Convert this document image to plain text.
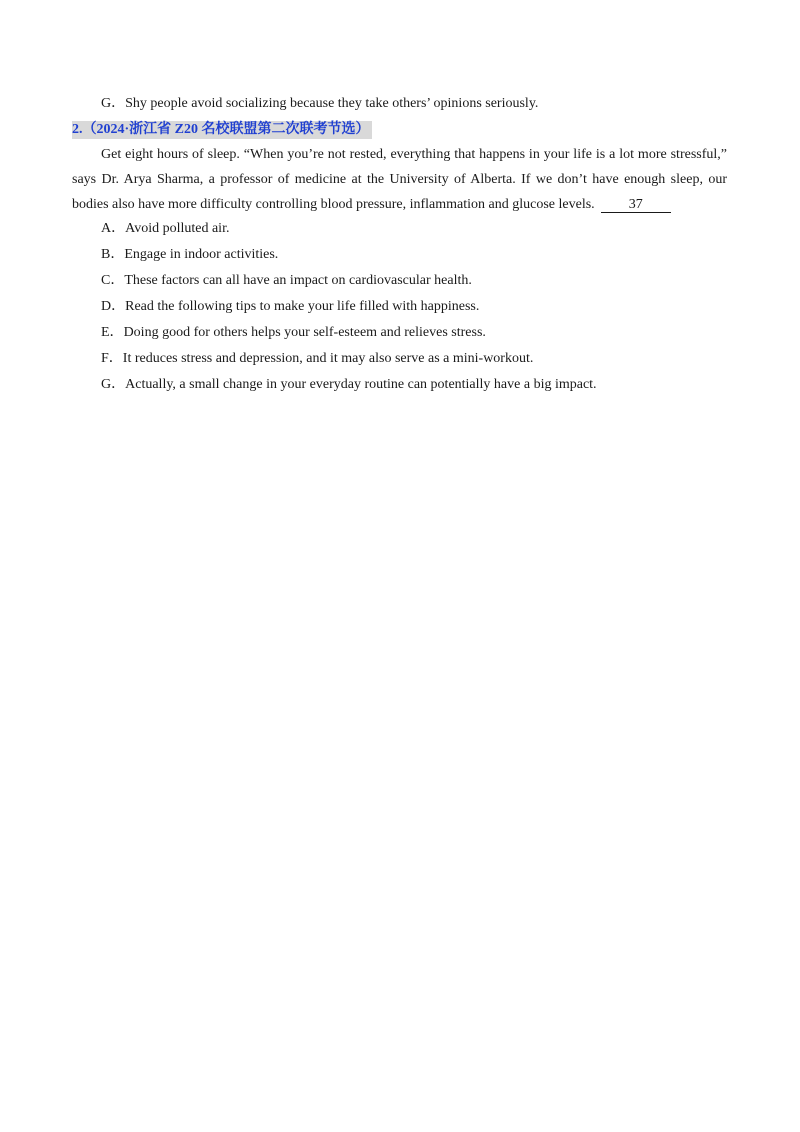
G．Shy people avoid socializing because they take others’ opinions seriously.
2.（2024·浙江省 Z20 名校联盟第二次联考节选）
Get eight hours of sleep. “When you’re not rested, everything that happens in your life is a lot more stressful,”
says Dr. Arya Sharma, a professor of medicine at the University of Alberta. If we don’t have enough sleep, our
bodies also have more difficulty controlling blood pressure, inflammation and glucose levels. 37
A．Avoid polluted air.
B．Engage in indoor activities.
C．These factors can all have an impact on cardiovascular health.
D．Read the following tips to make your life filled with happiness.
E．Doing good for others helps your self-esteem and relieves stress.
F．It reduces stress and depression, and it may also serve as a mini-workout.
G．Actually, a small change in your everyday routine can potentially have a big impact.
